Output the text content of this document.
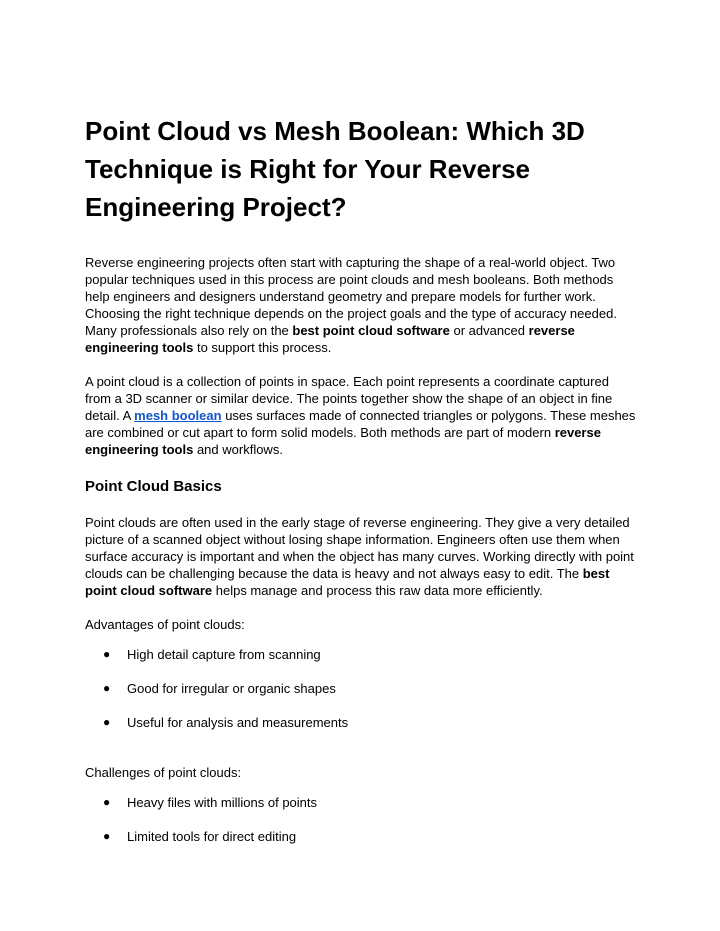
Point Cloud vs Mesh Boolean: Which 3D Technique is Right for Your Reverse Engineering Project?

Reverse engineering projects often start with capturing the shape of a real-world object. Two popular techniques used in this process are point clouds and mesh booleans. Both methods help engineers and designers understand geometry and prepare models for further work. Choosing the right technique depends on the project goals and the type of accuracy needed. Many professionals also rely on the best point cloud software or advanced reverse engineering tools to support this process.

A point cloud is a collection of points in space. Each point represents a coordinate captured from a 3D scanner or similar device. The points together show the shape of an object in fine detail. A mesh boolean uses surfaces made of connected triangles or polygons. These meshes are combined or cut apart to form solid models. Both methods are part of modern reverse engineering tools and workflows.

Point Cloud Basics

Point clouds are often used in the early stage of reverse engineering. They give a very detailed picture of a scanned object without losing shape information. Engineers often use them when surface accuracy is important and when the object has many curves. Working directly with point clouds can be challenging because the data is heavy and not always easy to edit. The best point cloud software helps manage and process this raw data more efficiently.

Advantages of point clouds:

● High detail capture from scanning
● Good for irregular or organic shapes
● Useful for analysis and measurements

Challenges of point clouds:

● Heavy files with millions of points
● Limited tools for direct editing
